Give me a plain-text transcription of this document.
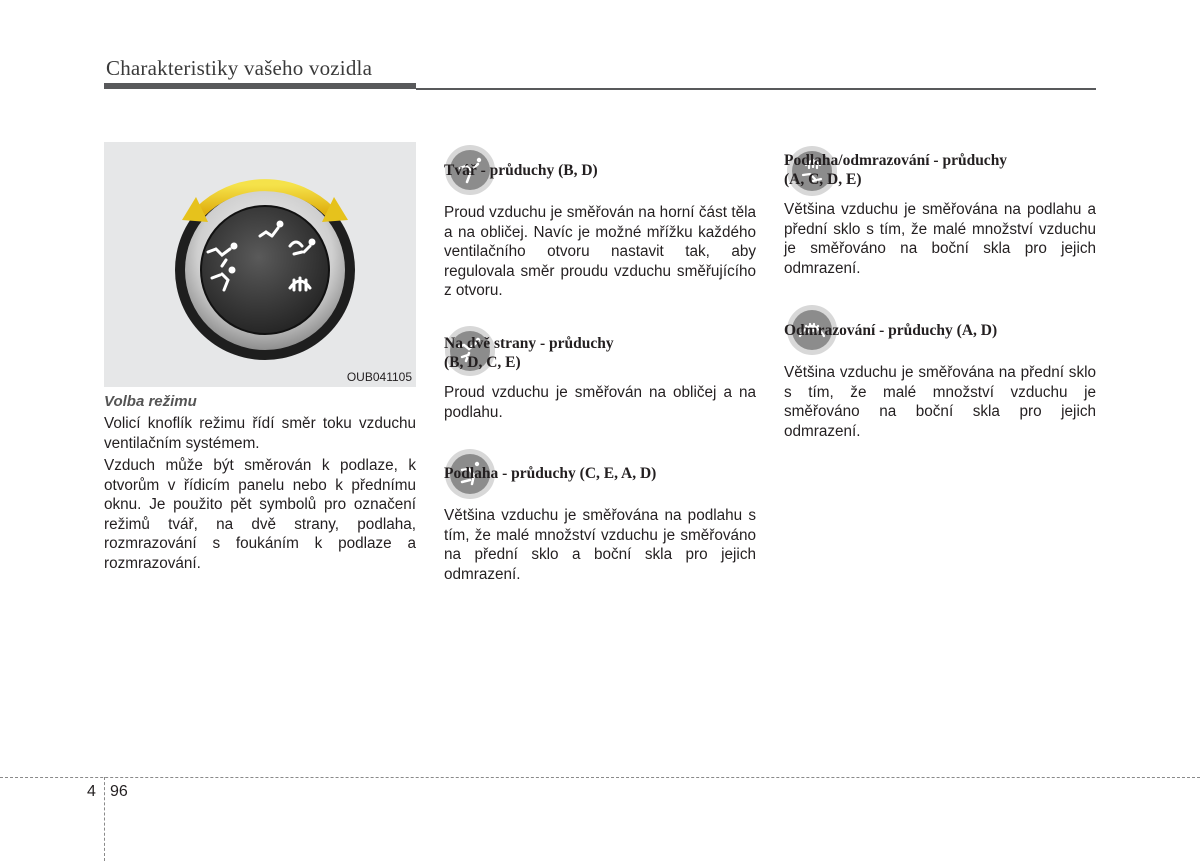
Charakteristiky vašeho vozidla
OUB041105
Volba režimu
Volicí knoflík režimu řídí směr toku vzduchu ventilačním systémem.
Vzduch může být směrován k podlaze, k otvorům v řídicím panelu nebo k přednímu oknu. Je použito pět symbolů pro označení režimů tvář, na dvě strany, podlaha, rozmrazování s foukáním k podlaze a rozmrazování.
Tvář - průduchy (B, D)
Proud vzduchu je směřován na horní část těla a na obličej. Navíc je možné mřížku každého ventilačního otvoru nastavit tak, aby regulovala směr proudu vzduchu směřujícího z otvoru.
Na dvě strany - průduchy
(B, D, C, E)
Proud vzduchu je směřován na obličej a na podlahu.
Podlaha - průduchy (C, E, A, D)
Většina vzduchu je směřována na podlahu s tím, že malé množství vzduchu je směřováno na přední sklo a boční skla pro jejich odmrazení.
Podlaha/odmrazování - průduchy
(A, C, D, E)
Většina vzduchu je směřována na podlahu a přední sklo s tím, že malé množství vzduchu je směřováno na boční skla pro jejich odmrazení.
Odmrazování - průduchy (A, D)
Většina vzduchu je směřována na přední sklo s tím, že malé množství vzduchu je směřováno na boční skla pro jejich odmrazení.
4 96
